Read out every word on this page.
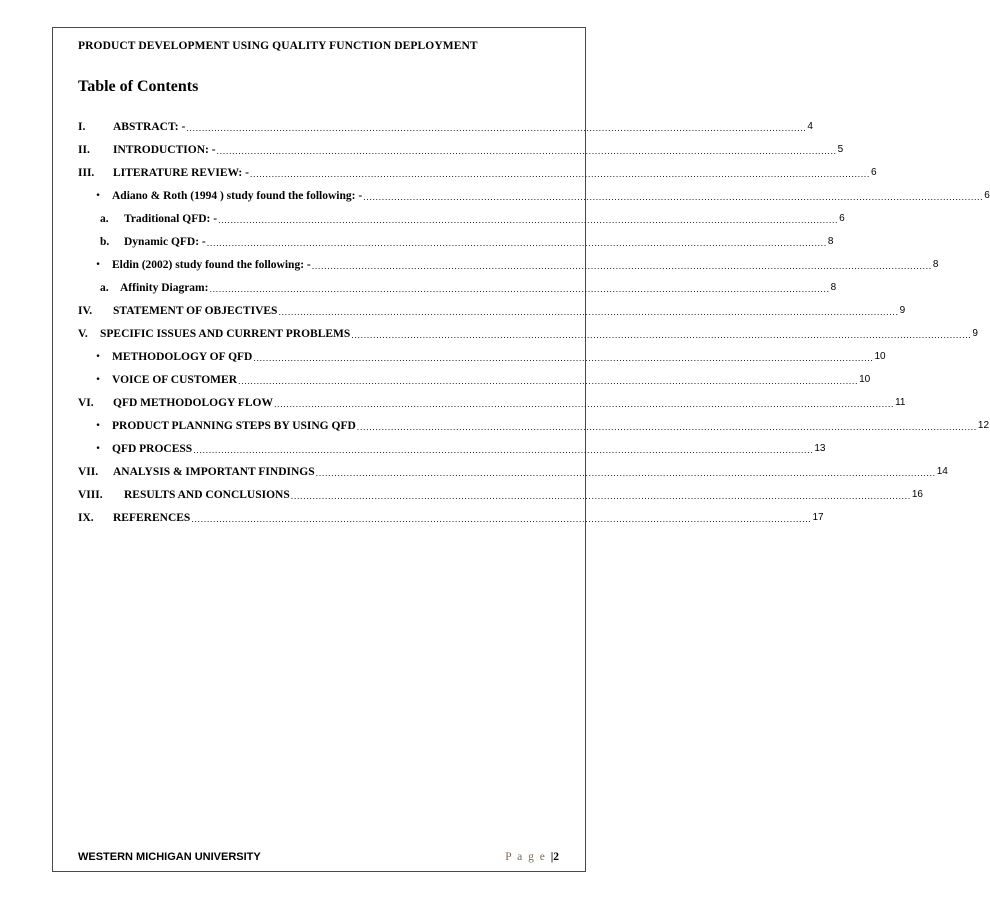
PRODUCT DEVELOPMENT USING QUALITY FUNCTION DEPLOYMENT
Table of Contents
I.	ABSTRACT: - ........................................................................................................................................................................................................ 4
II.	INTRODUCTION: - ........................................................................................................................................................................................................ 5
III.	LITERATURE REVIEW: - ........................................................................................................................................................................................................ 6
• Adiano & Roth (1994 ) study found the following: - ........................................................................................................................................................................................................ 6
a.	Traditional QFD: - ........................................................................................................................................................................................................ 6
b.	Dynamic QFD: - ........................................................................................................................................................................................................ 8
• Eldin (2002) study found the following: - ........................................................................................................................................................................................................ 8
a. Affinity Diagram: ........................................................................................................................................................................................................ 8
IV.	STATEMENT OF OBJECTIVES ........................................................................................................................................................................................................ 9
V.	SPECIFIC ISSUES AND CURRENT PROBLEMS ........................................................................................................................................................................................................ 9
• METHODOLOGY OF QFD ........................................................................................................................................................................................................ 10
• VOICE OF CUSTOMER ........................................................................................................................................................................................................ 10
VI.	QFD METHODOLOGY FLOW ........................................................................................................................................................................................................ 11
• PRODUCT PLANNING STEPS BY USING QFD ........................................................................................................................................................................................................ 12
• QFD PROCESS ........................................................................................................................................................................................................ 13
VII.	ANALYSIS & IMPORTANT FINDINGS ........................................................................................................................................................................................................ 14
VIII.	RESULTS AND CONCLUSIONS ........................................................................................................................................................................................................ 16
IX.	REFERENCES ........................................................................................................................................................................................................ 17
WESTERN MICHIGAN UNIVERSITY	P a g e |2
